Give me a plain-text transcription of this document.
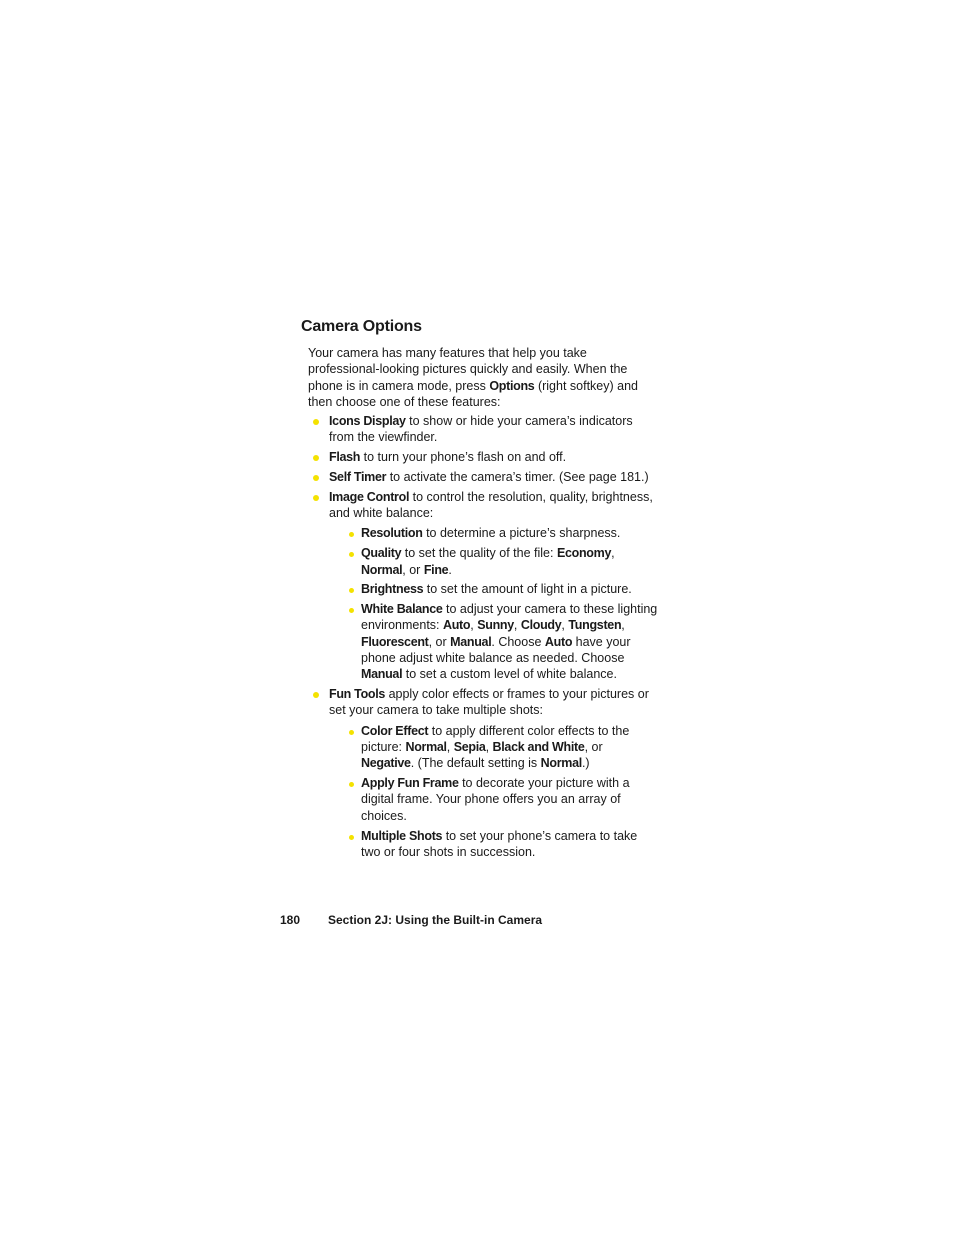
Camera Options

Your camera has many features that help you take professional-looking pictures quickly and easily. When the phone is in camera mode, press Options (right softkey) and then choose one of these features:

Icons Display to show or hide your camera’s indicators from the viewfinder.
Flash to turn your phone’s flash on and off.
Self Timer to activate the camera’s timer. (See page 181.)
Image Control to control the resolution, quality, brightness, and white balance:
Resolution to determine a picture’s sharpness.
Quality to set the quality of the file: Economy, Normal, or Fine.
Brightness to set the amount of light in a picture.
White Balance to adjust your camera to these lighting environments: Auto, Sunny, Cloudy, Tungsten, Fluorescent, or Manual. Choose Auto have your phone adjust white balance as needed. Choose Manual to set a custom level of white balance.
Fun Tools apply color effects or frames to your pictures or set your camera to take multiple shots:
Color Effect to apply different color effects to the picture: Normal, Sepia, Black and White, or Negative. (The default setting is Normal.)
Apply Fun Frame to decorate your picture with a digital frame. Your phone offers you an array of choices.
Multiple Shots to set your phone’s camera to take two or four shots in succession.
180 Section 2J: Using the Built-in Camera
